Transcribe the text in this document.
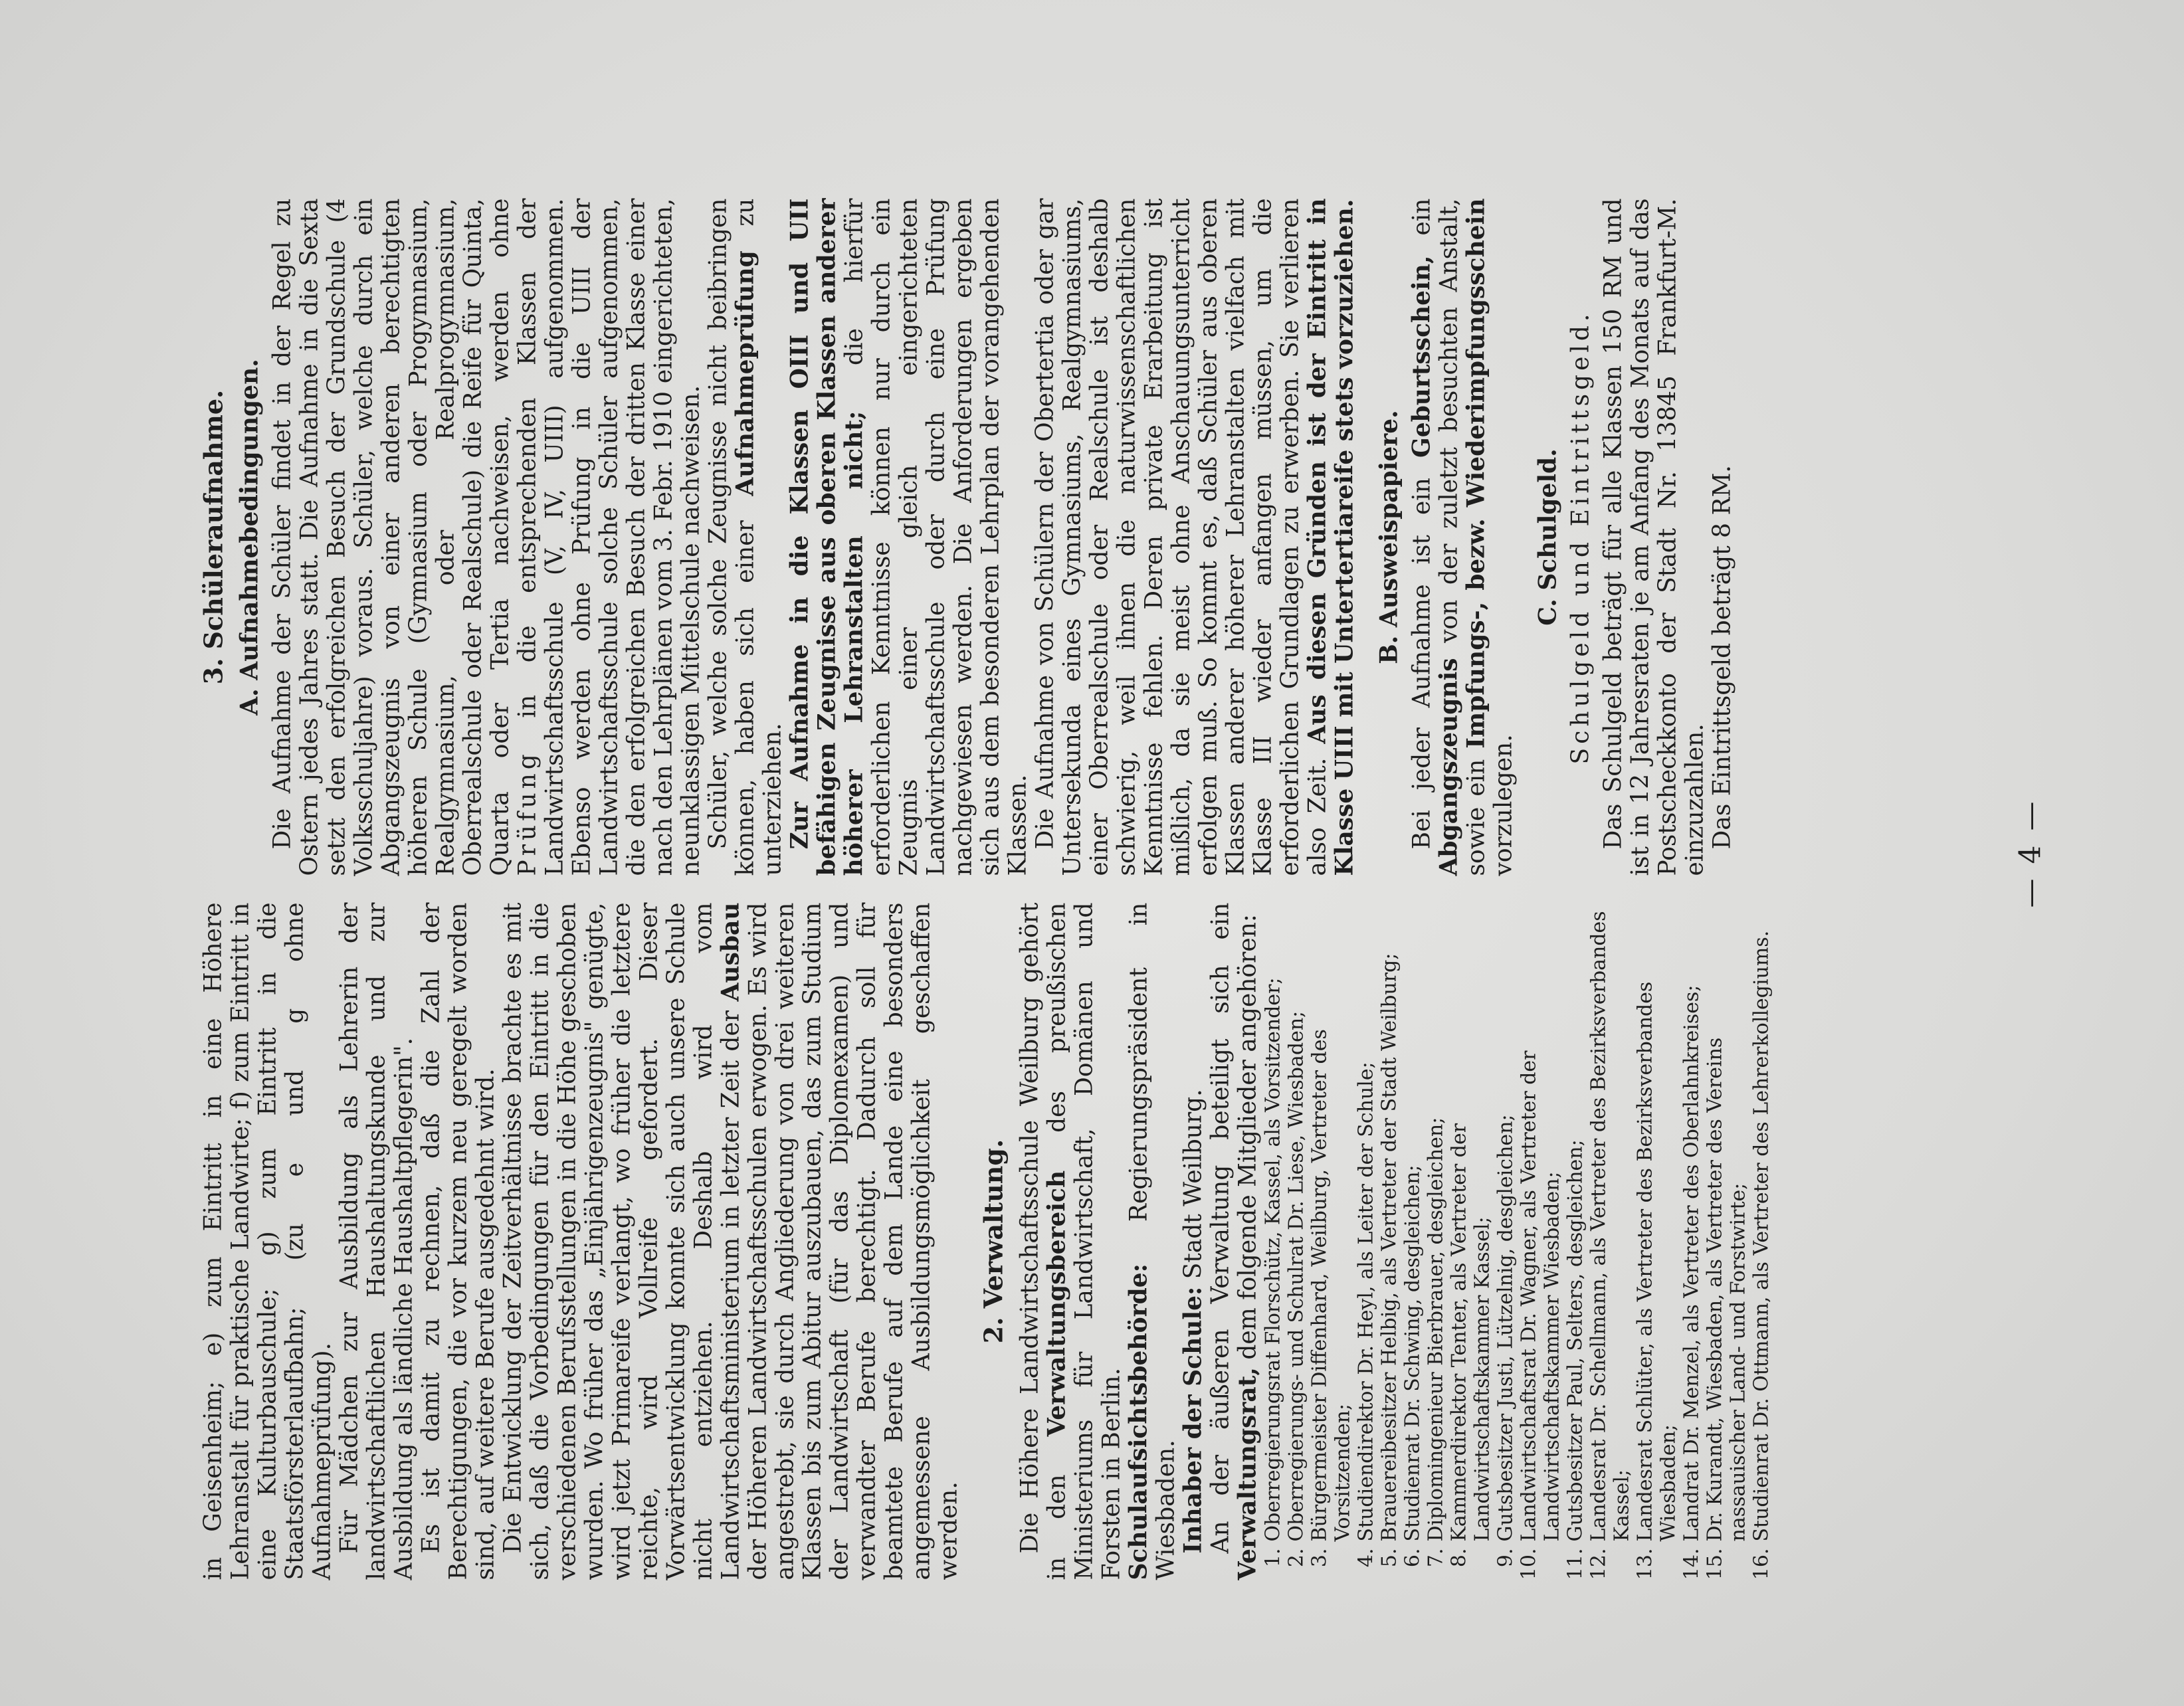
in Geisenheim; e) zum Eintritt in eine Höhere Lehranstalt für praktische Landwirte; f) zum Eintritt in eine Kulturbauschule; g) zum Eintritt in die Staatsförsterlaufbahn; (zu e und g ohne Aufnahmeprüfung). Für Mädchen zur Ausbildung als Lehrerin der landwirtschaftlichen Haushaltungskunde und zur Ausbildung als ländliche Haushaltpflegerin". Es ist damit zu rechnen, daß die Zahl der Berechtigungen, die vor kurzem neu geregelt worden sind, auf weitere Berufe ausgedehnt wird. Die Entwicklung der Zeitverhältnisse brachte es mit sich, daß die Vorbedingungen für den Eintritt in die verschiedenen Berufsstellungen in die Höhe geschoben wurden. Wo früher das „Einjährigenzeugnis" genügte, wird jetzt Primareife verlangt, wo früher die letztere reichte, wird Vollreife gefordert. Dieser Vorwärtsentwicklung konnte sich auch unsere Schule nicht entziehen. Deshalb wird vom Landwirtschaftsministerium in letzter Zeit der Ausbau der Höheren Landwirtschaftsschulen erwogen. Es wird angestrebt, sie durch Angliederung von drei weiteren Klassen bis zum Abitur auszubauen, das zum Studium der Landwirtschaft (für das Diplomexamen) und verwandter Berufe berechtigt. Dadurch soll für beamtete Berufe auf dem Lande eine besonders angemessene Ausbildungsmöglichkeit geschaffen werden.

2. Verwaltung. Die Höhere Landwirtschaftsschule Weilburg gehört in den Verwaltungsbereich des preußischen Ministeriums für Landwirtschaft, Domänen und Forsten in Berlin. Schulaufsichtsbehörde: Regierungspräsident in Wiesbaden. Inhaber der Schule: Stadt Weilburg. An der äußeren Verwaltung beteiligt sich ein Verwaltungsrat, dem folgende Mitglieder angehören:

1.
Oberregierungsrat Florschütz, Kassel, als Vorsitzender;
2.
Oberregierungs- und Schulrat Dr. Liese, Wiesbaden;
3.
Bürgermeister Diffenhard, Weilburg, Vertreter des Vorsitzenden;
4.
Studiendirektor Dr. Heyl, als Leiter der Schule;
5.
Brauereibesitzer Helbig, als Vertreter der Stadt Weilburg;
6.
Studienrat Dr. Schwing, desgleichen;
7.
Diplomingenieur Bierbrauer, desgleichen;
8.
Kammerdirektor Tenter, als Vertreter der Landwirtschaftskammer Kassel;
9.
Gutsbesitzer Justi, Lützelnig, desgleichen;
10.
Landwirtschaftsrat Dr. Wagner, als Vertreter der Landwirtschaftskammer Wiesbaden;
11.
Gutsbesitzer Paul, Selters, desgleichen;
12.
Landesrat Dr. Schellmann, als Vertreter des Bezirksverbandes Kassel;
13.
Landesrat Schlüter, als Vertreter des Bezirksverbandes Wiesbaden;
14.
Landrat Dr. Menzel, als Vertreter des Oberlahnkreises;
15.
Dr. Kurandt, Wiesbaden, als Vertreter des Vereins nassauischer Land- und Forstwirte;
16.
Studienrat Dr. Ottmann, als Vertreter des Lehrerkollegiums.
3. Schüleraufnahme. A. Aufnahmebedingungen. Die Aufnahme der Schüler findet in der Regel zu Ostern jedes Jahres statt. Die Aufnahme in die Sexta setzt den erfolgreichen Besuch der Grundschule (4 Volksschuljahre) voraus. Schüler, welche durch ein Abgangszeugnis von einer anderen berechtigten höheren Schule (Gymnasium oder Progymnasium, Realgymnasium, oder Realprogymnasium, Oberrealschule oder Realschule) die Reife für Quinta, Quarta oder Tertia nachweisen, werden ohne Prüfung in die entsprechenden Klassen der Landwirtschaftsschule (V, IV, UIII) aufgenommen. Ebenso werden ohne Prüfung in die UIII der Landwirtschaftsschule solche Schüler aufgenommen, die den erfolgreichen Besuch der dritten Klasse einer nach den Lehrplänen vom 3. Febr. 1910 eingerichteten, neunklassigen Mittelschule nachweisen. Schüler, welche solche Zeugnisse nicht beibringen können, haben sich einer Aufnahmeprüfung zu unterziehen. Zur Aufnahme in die Klassen OIII und UII befähigen Zeugnisse aus oberen Klassen anderer höherer Lehranstalten nicht; die hierfür erforderlichen Kenntnisse können nur durch ein Zeugnis einer gleich eingerichteten Landwirtschaftsschule oder durch eine Prüfung nachgewiesen werden. Die Anforderungen ergeben sich aus dem besonderen Lehrplan der vorangehenden Klassen. Die Aufnahme von Schülern der Obertertia oder gar Untersekunda eines Gymnasiums, Realgymnasiums, einer Oberrealschule oder Realschule ist deshalb schwierig, weil ihnen die naturwissenschaftlichen Kenntnisse fehlen. Deren private Erarbeitung ist mißlich, da sie meist ohne Anschauungsunterricht erfolgen muß. So kommt es, daß Schüler aus oberen Klassen anderer höherer Lehranstalten vielfach mit Klasse III wieder anfangen müssen, um die erforderlichen Grundlagen zu erwerben. Sie verlieren also Zeit. Aus diesen Gründen ist der Eintritt in Klasse UIII mit Untertertiareife stets vorzuziehen. B. Ausweispapiere. Bei jeder Aufnahme ist ein Geburtsschein, ein Abgangszeugnis von der zuletzt besuchten Anstalt, sowie ein Impfungs-, bezw. Wiederimpfungsschein vorzulegen.

C. Schulgeld. Schulgeld und Eintrittsgeld. Das Schulgeld beträgt für alle Klassen 150 RM und ist in 12 Jahresraten je am Anfang des Monats auf das Postscheckkonto der Stadt Nr. 13845 Frankfurt-M. einzuzahlen. Das Eintrittsgeld beträgt 8 RM.

— 4 —
